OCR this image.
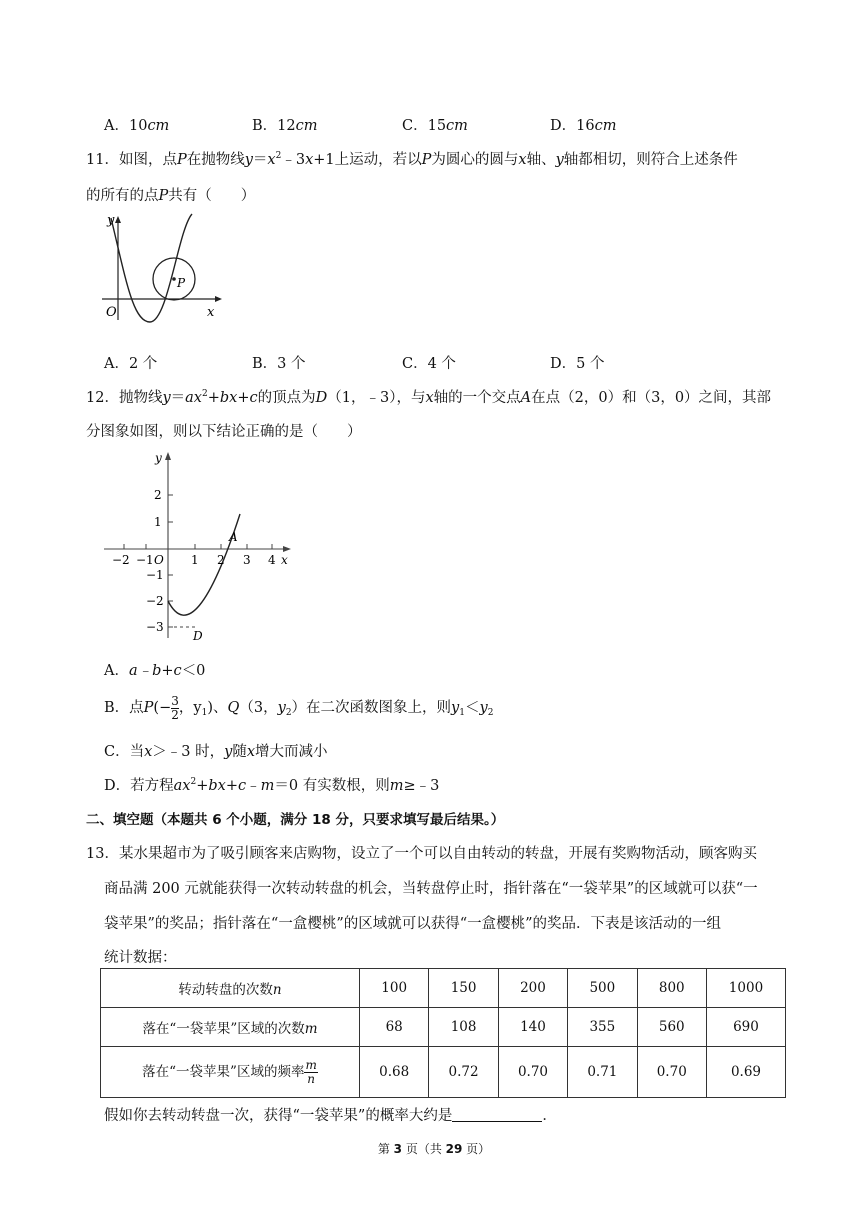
A．10cm	B．12cm	C．15cm	D．16cm
11．如图，点P在抛物线$y=x^2﹣3x+1$上运动，若以P为圆心的圆与x轴、y轴都相切，则符合上述条件
的所有的点P共有（　　）
y
x
O
P
A．2 个	B．3 个	C．4 个	D．5 个
12．抛物线$y=ax^2+bx+c$的顶点为D（1，﹣3），与x轴的一个交点A在点（2，0）和（3，0）之间，其部
分图象如图，则以下结论正确的是（　　）
y
x
A
D
−2 −1 O 1 2 3 4
2
1
−1
−2
−3
A．a﹣b+c＜0
B．点$P(- \frac{3}{2}$ ，$y_1$)、Q（3，$y_2$）在二次函数图象上，则$y_1<y_2$
C．当x＞﹣3 时，y随x增大而减小
D．若方程$ax^2+bx+c﹣m=0$ 有实数根，则m≥﹣3
二、填空题（本题共 6 个小题，满分 18 分，只要求填写最后结果。）
13．某水果超市为了吸引顾客来店购物，设立了一个可以自由转动的转盘，开展有奖购物活动，顾客购买
商品满 200 元就能获得一次转动转盘的机会，当转盘停止时，指针落在“一袋苹果”的区域就可以获“一
袋苹果”的奖品；指针落在“一盒樱桃”的区域就可以获得“一盒樱桃”的奖品．下表是该活动的一组
统计数据：
转动转盘的次数n	100	150	200	500	800	1000
落在“一袋苹果”区域的次数m	68	108	140	355	560	690
落在“一袋苹果”区域的频率 $\frac{m}{n}$	0.68	0.72	0.70	0.71	0.70	0.69
假如你去转动转盘一次，获得“一袋苹果”的概率大约是	．
第 3 页（共 29 页）
